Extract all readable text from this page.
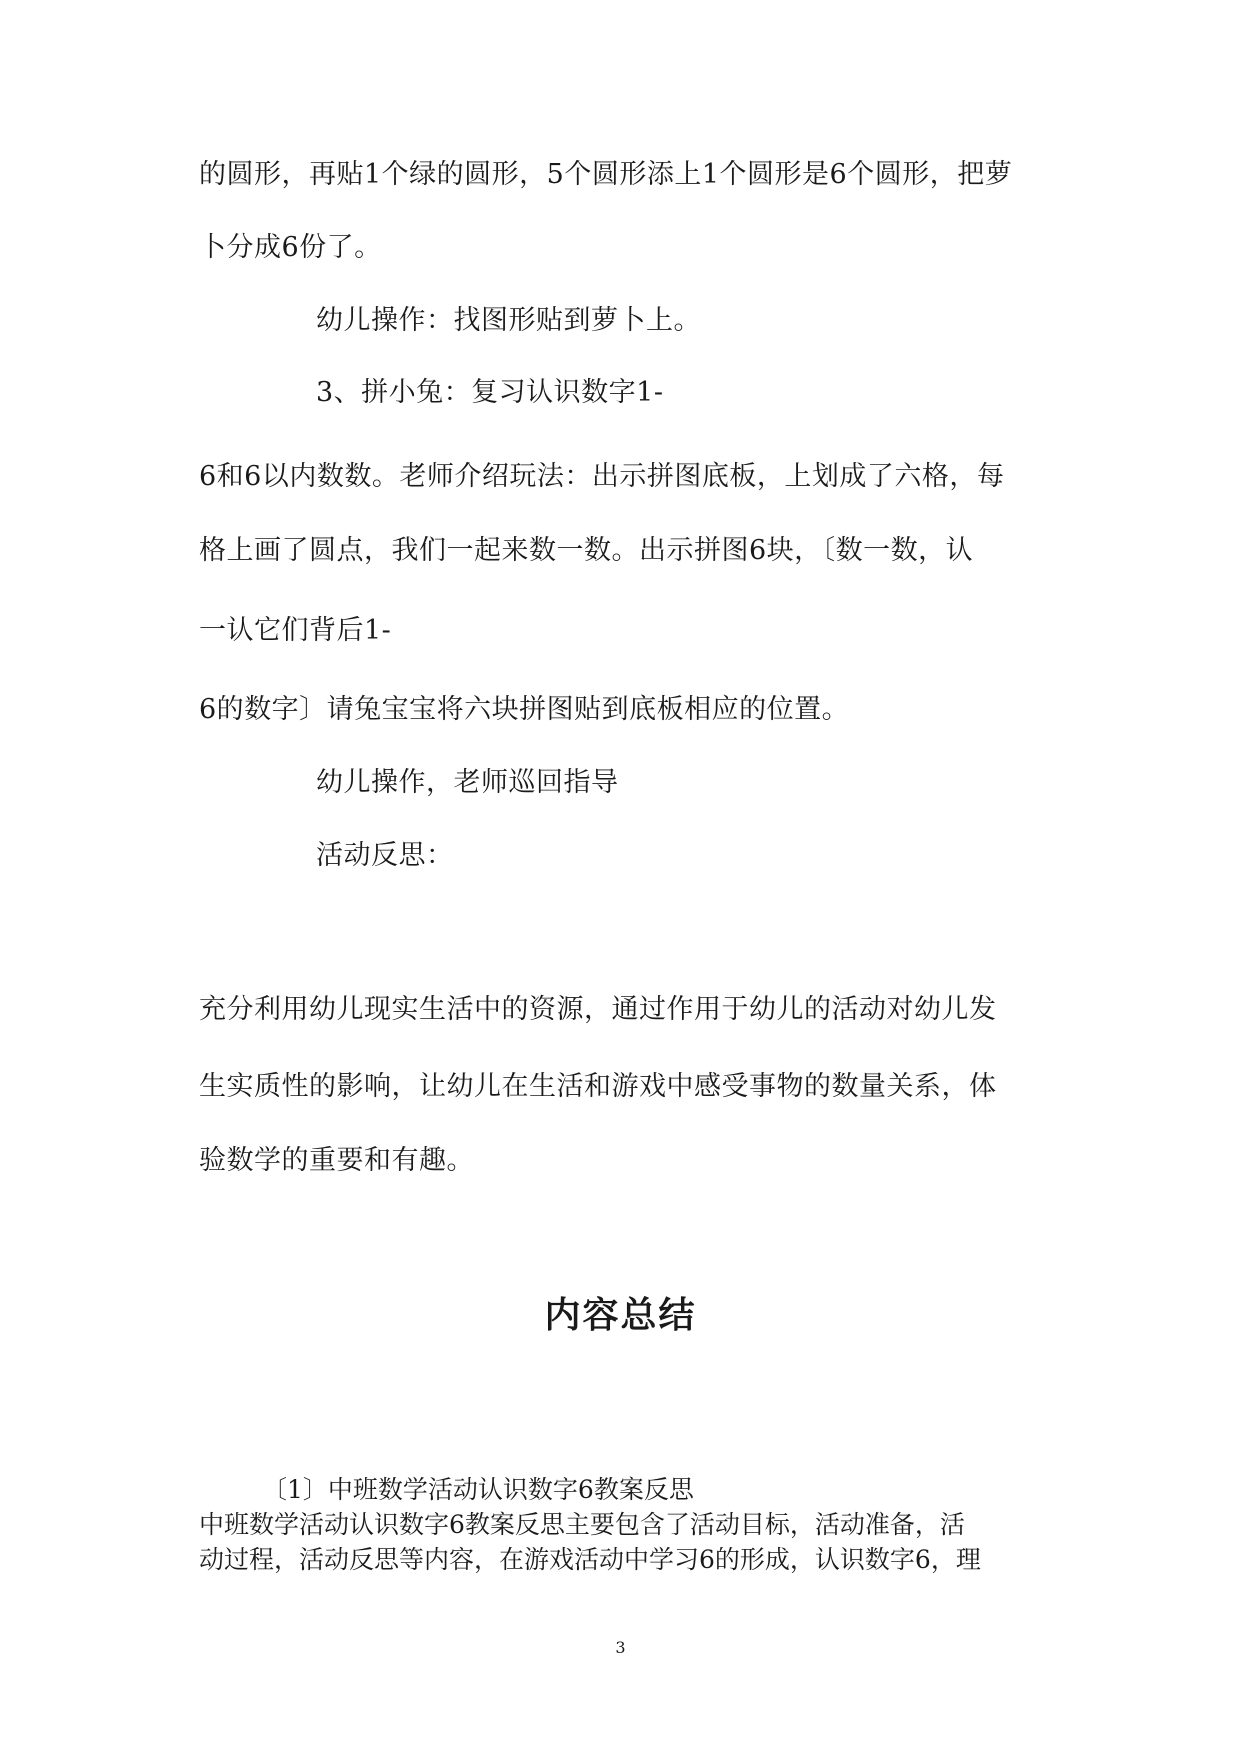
的圆形，再贴1个绿的圆形，5个圆形添上1个圆形是6个圆形，把萝
卜分成6份了。
幼儿操作：找图形贴到萝卜上。
3、拼小兔：复习认识数字1-
6和6以内数数。老师介绍玩法：出示拼图底板，上划成了六格，每
格上画了圆点，我们一起来数一数。出示拼图6块，〔数一数，认
一认它们背后1-
6的数字〕请兔宝宝将六块拼图贴到底板相应的位置。
幼儿操作，老师巡回指导
活动反思：
充分利用幼儿现实生活中的资源，通过作用于幼儿的活动对幼儿发
生实质性的影响，让幼儿在生活和游戏中感受事物的数量关系，体
验数学的重要和有趣。
内容总结
〔1〕中班数学活动认识数字6教案反思
中班数学活动认识数字6教案反思主要包含了活动目标，活动准备，活
动过程，活动反思等内容，在游戏活动中学习6的形成，认识数字6，理
3
